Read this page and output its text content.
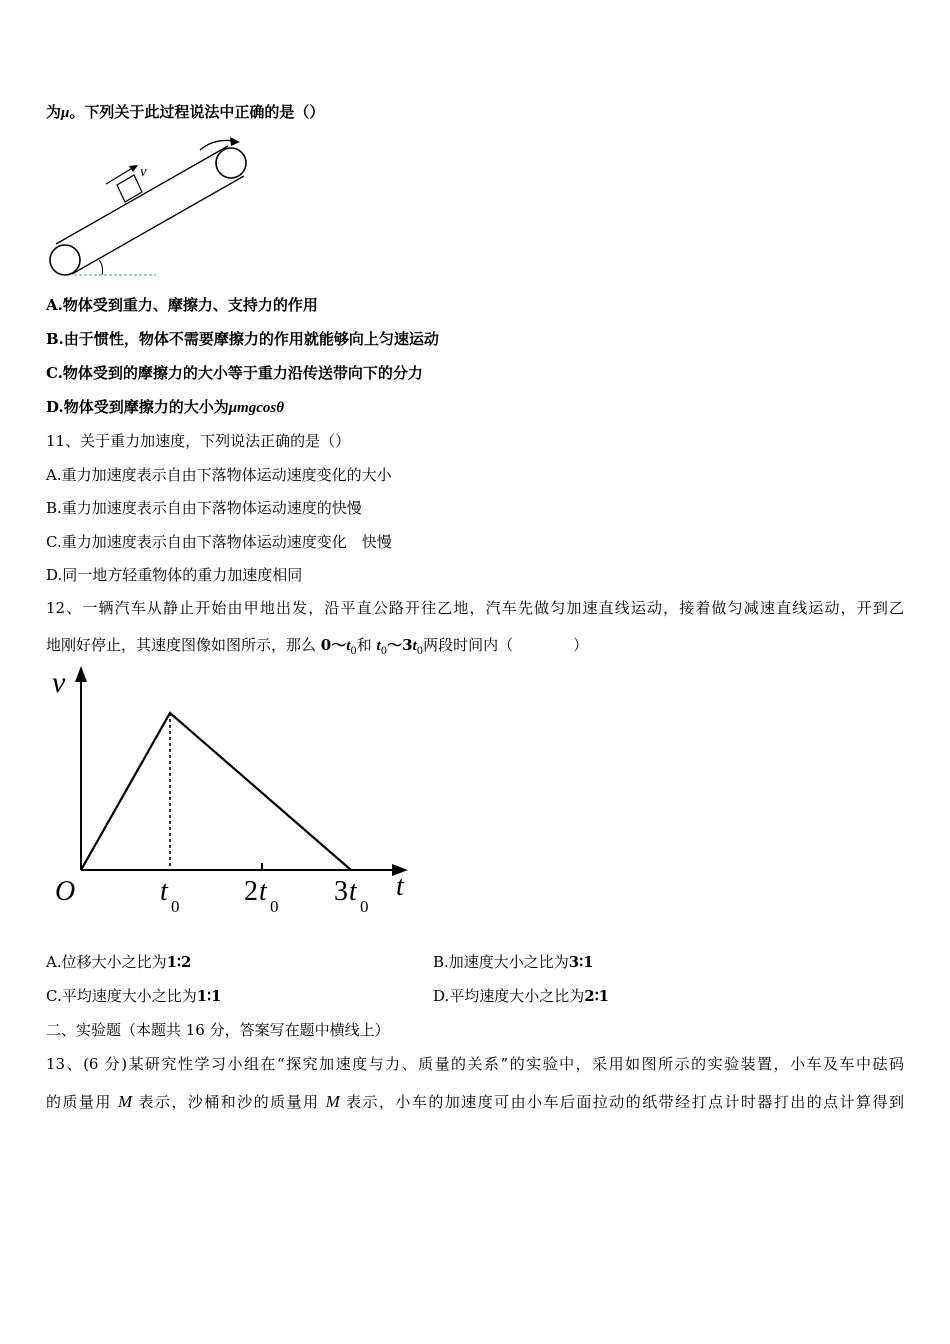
为μ。下列关于此过程说法中正确的是（）
v
A.物体受到重力、摩擦力、支持力的作用
B.由于惯性，物体不需要摩擦力的作用就能够向上匀速运动
C.物体受到的摩擦力的大小等于重力沿传送带向下的分力
D.物体受到摩擦力的大小为μmgcosθ
11、关于重力加速度，下列说法正确的是（）
A.重力加速度表示自由下落物体运动速度变化的大小
B.重力加速度表示自由下落物体运动速度的快慢
C.重力加速度表示自由下落物体运动速度变化　快慢
D.同一地方轻重物体的重力加速度相同
12、一辆汽车从静止开始由甲地出发，沿平直公路开往乙地，汽车先做匀加速直线运动，接着做匀减速直线运动，开到乙
地刚好停止，其速度图像如图所示，那么 $0\sim t_0$和 $t_0\sim 3t_0$两段时间内（　　　　）
v
t
O	t 0 2 t 0 3 t 0
A.位移大小之比为1∶2	B.加速度大小之比为3∶1
C.平均速度大小之比为1∶1	D.平均速度大小之比为2∶1
二、实验题（本题共 16 分，答案写在题中横线上）
13、(6 分)某研究性学习小组在“探究加速度与力、质量的关系”的实验中，采用如图所示的实验装置，小车及车中砝码
的质量用 M 表示，沙桶和沙的质量用 M 表示，小车的加速度可由小车后面拉动的纸带经打点计时器打出的点计算得到
